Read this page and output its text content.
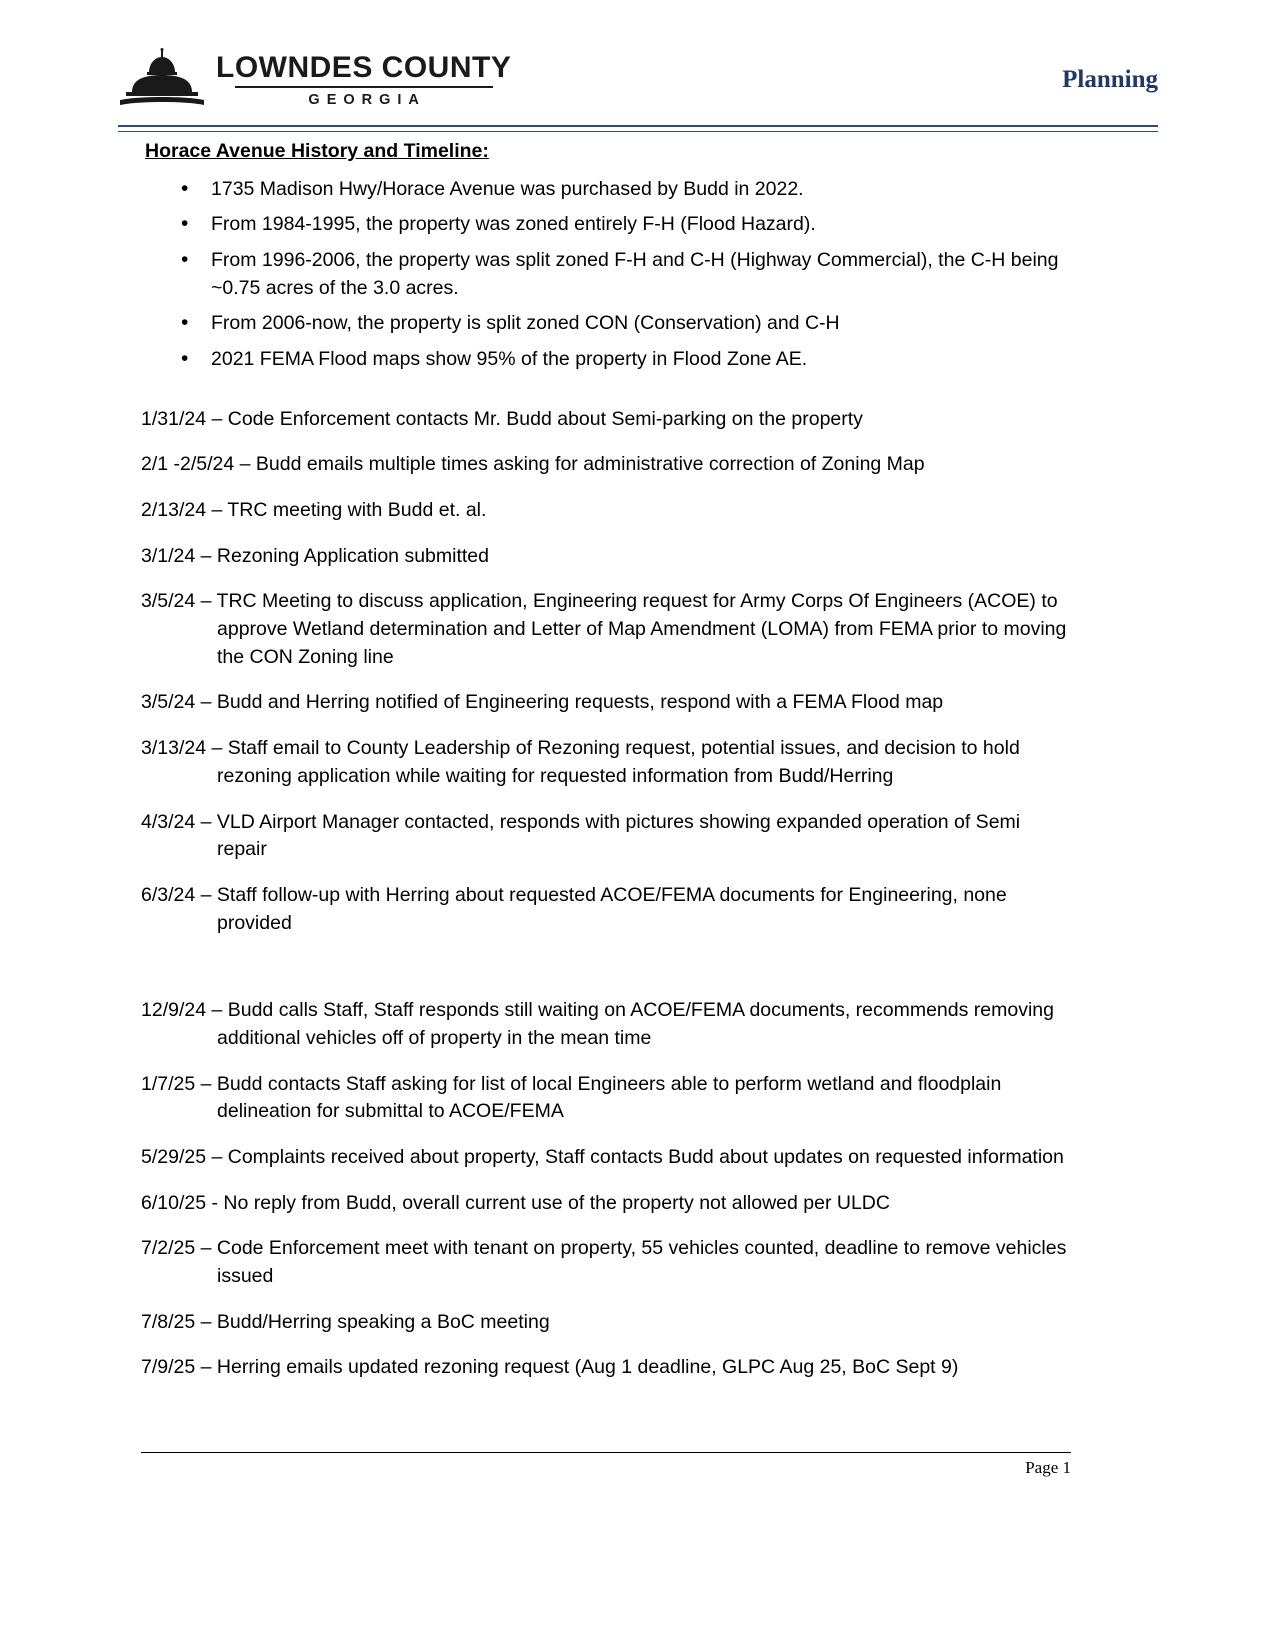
LOWNDES COUNTY
GEORGIA
Planning
Horace Avenue History and Timeline:
• 1735 Madison Hwy/Horace Avenue was purchased by Budd in 2022.
• From 1984-1995, the property was zoned entirely F-H (Flood Hazard).
• From 1996-2006, the property was split zoned F-H and C-H (Highway Commercial), the C-H being ~0.75 acres of the 3.0 acres.
• From 2006-now, the property is split zoned CON (Conservation) and C-H
• 2021 FEMA Flood maps show 95% of the property in Flood Zone AE.
1/31/24 – Code Enforcement contacts Mr. Budd about Semi-parking on the property
2/1 -2/5/24 – Budd emails multiple times asking for administrative correction of Zoning Map
2/13/24 – TRC meeting with Budd et. al.
3/1/24 – Rezoning Application submitted
3/5/24 – TRC Meeting to discuss application, Engineering request for Army Corps Of Engineers (ACOE) to approve Wetland determination and Letter of Map Amendment (LOMA) from FEMA prior to moving the CON Zoning line
3/5/24 – Budd and Herring notified of Engineering requests, respond with a FEMA Flood map
3/13/24 – Staff email to County Leadership of Rezoning request, potential issues, and decision to hold rezoning application while waiting for requested information from Budd/Herring
4/3/24 – VLD Airport Manager contacted, responds with pictures showing expanded operation of Semi repair
6/3/24 – Staff follow-up with Herring about requested ACOE/FEMA documents for Engineering, none provided
12/9/24 – Budd calls Staff, Staff responds still waiting on ACOE/FEMA documents, recommends removing additional vehicles off of property in the mean time
1/7/25 – Budd contacts Staff asking for list of local Engineers able to perform wetland and floodplain delineation for submittal to ACOE/FEMA
5/29/25 – Complaints received about property, Staff contacts Budd about updates on requested information
6/10/25 - No reply from Budd, overall current use of the property not allowed per ULDC
7/2/25 – Code Enforcement meet with tenant on property, 55 vehicles counted, deadline to remove vehicles issued
7/8/25 – Budd/Herring speaking a BoC meeting
7/9/25 – Herring emails updated rezoning request (Aug 1 deadline, GLPC Aug 25, BoC Sept 9)
Page 1
